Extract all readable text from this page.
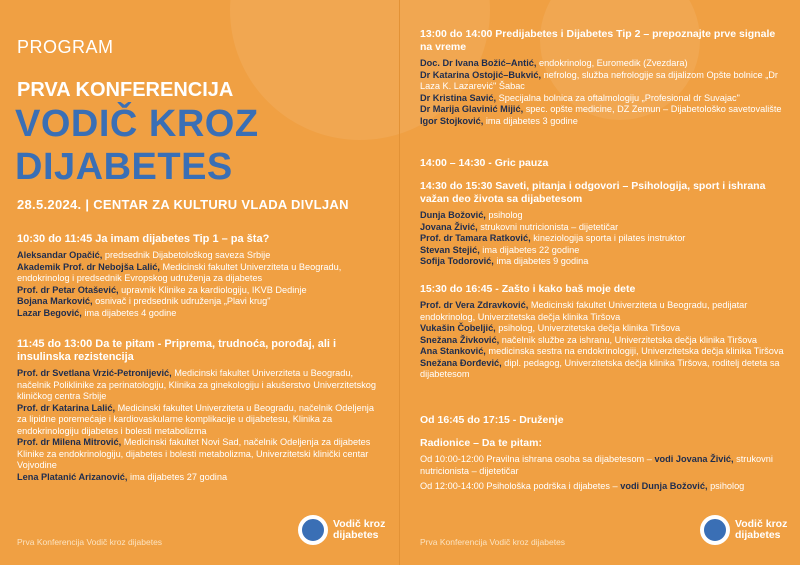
PROGRAM
PRVA KONFERENCIJA
VODIČ KROZ
DIJABETES
28.5.2024. | CENTAR ZA KULTURU VLADA DIVLJAN
10:30 do 11:45 Ja imam dijabetes Tip 1 – pa šta?
Aleksandar Opačić, predsednik Dijabetološkog saveza Srbije
Akademik Prof. dr Nebojša Lalić, Medicinski fakultet Univerziteta u Beogradu, endokrinolog i predsednik Evropskog udruženja za dijabetes
Prof. dr Petar Otašević, upravnik Klinike za kardiologiju, IKVB Dedinje
Bojana Marković, osnivač i predsednik udruženja „Plavi krug"
Lazar Begović, ima dijabetes 4 godine
11:45 do 13:00 Da te pitam - Priprema, trudnoća, porođaj, ali i insulinska rezistencija
Prof. dr Svetlana Vrzić-Petronijević, Medicinski fakultet Univerziteta u Beogradu, načelnik Poliklinike za perinatologiju, Klinika za ginekologiju i akušerstvo Univerzitetskog kliničkog centra Srbije
Prof. dr Katarina Lalić, Medicinski fakultet Univerziteta u Beogradu, načelnik Odeljenja za lipidne poremećaje i kardiovaskularne komplikacije u dijabetesu, Klinika za endokrinologiju dijabetes i bolesti metabolizma
Prof. dr Milena Mitrović, Medicinski fakultet Novi Sad, načelnik Odeljenja za dijabetes Klinike za endokrinologiju, dijabetes i bolesti metabolizma, Univerzitetski klinički centar Vojvodine
Lena Platanić Arizanović, ima dijabetes 27 godina
Prva Konferencija Vodič kroz dijabetes
Vodič kroz dijabetes
13:00 do 14:00 Predijabetes i Dijabetes Tip 2 – prepoznajte prve signale na vreme
Doc. Dr Ivana Božić–Antić, endokrinolog, Euromedik (Zvezdara)
Dr Katarina Ostojić–Bukvić, nefrolog, služba nefrologije sa dijalizom Opšte bolnice „Dr Laza K. Lazarević" Šabac
Dr Kristina Savić, Specijalna bolnica za oftalmologiju „Profesional dr Suvajac"
Dr Marija Glavinić Mijić, spec. opšte medicine, DZ Zemun – Dijabetološko savetovalište
Igor Stojković, ima dijabetes 3 godine
14:00 – 14:30 - Gric pauza
14:30 do 15:30 Saveti, pitanja i odgovori – Psihologija, sport i ishrana važan deo života sa dijabetesom
Dunja Božović, psiholog
Jovana Živić, strukovni nutricionista – dijetetičar
Prof. dr Tamara Ratković, kineziologija sporta i pilates instruktor
Stevan Stejić, ima dijabetes 22 godine
Sofija Todorović, ima dijabetes 9 godina
15:30 do 16:45 - Zašto i kako baš moje dete
Prof. dr Vera Zdravković, Medicinski fakultet Univerziteta u Beogradu, pedijatar endokrinolog, Univerzitetska dečja klinika Tiršova
Vukašin Čobeljić, psiholog, Univerzitetska dečja klinika Tiršova
Snežana Živković, načelnik službe za ishranu, Univerzitetska dečja klinika Tiršova
Ana Stanković, medicinska sestra na endokrinologiji, Univerzitetska dečja klinika Tiršova
Snežana Đorđević, dipl. pedagog, Univerzitetska dečja klinika Tiršova, roditelj deteta sa dijabetesom
Od 16:45 do 17:15 - Druženje
Radionice – Da te pitam:
Od 10:00-12:00 Pravilna ishrana osoba sa dijabetesom – vodi Jovana Živić, strukovni nutricionista – dijetetičar
Od 12:00-14:00 Psihološka podrška i dijabetes – vodi Dunja Božović, psiholog
Prva Konferencija Vodič kroz dijabetes
Vodič kroz dijabetes
